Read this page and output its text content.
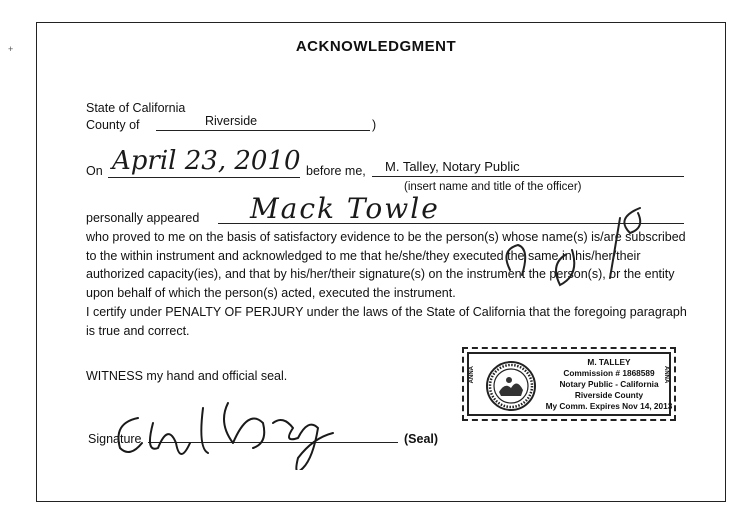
+	ACKNOWLEDGMENT
State of California
County of	Riverside	)
On April 23, 2010 before me, M. Talley, Notary Public
(insert name and title of the officer)
personally appeared Mack Towle
who proved to me on the basis of satisfactory evidence to be the person(s) whose name(s) is/are subscribed to the within instrument and acknowledged to me that he/she/they executed the same in his/her/their authorized capacity(ies), and that by his/her/their signature(s) on the instrument the person(s), or the entity upon behalf of which the person(s) acted, executed the instrument.
I certify under PENALTY OF PERJURY under the laws of the State of California that the foregoing paragraph is true and correct.
WITNESS my hand and official seal.
Signature	(Seal)
ANNA	ANNA
M. TALLEY
Commission # 1868589
Notary Public - California
Riverside County
My Comm. Expires Nov 14, 2013
